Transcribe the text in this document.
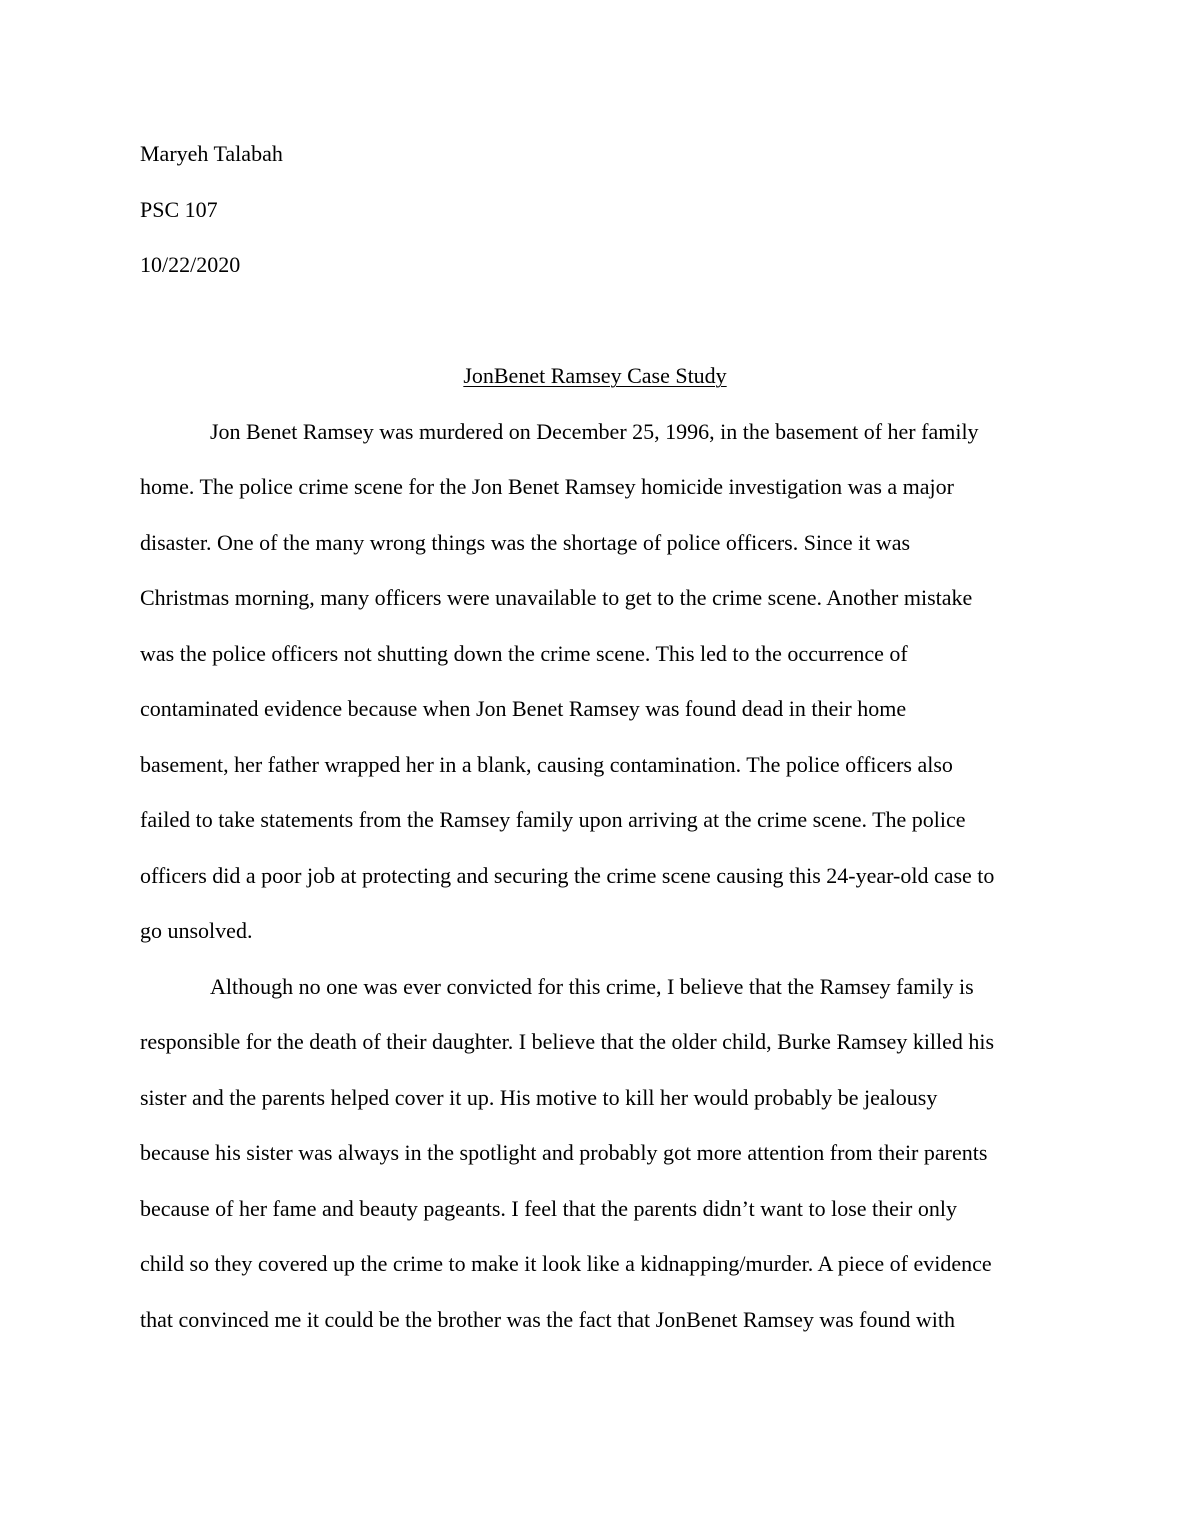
Maryeh Talabah
PSC 107
10/22/2020
JonBenet Ramsey Case Study
Jon Benet Ramsey was murdered on December 25, 1996, in the basement of her family
home. The police crime scene for the Jon Benet Ramsey homicide investigation was a major
disaster. One of the many wrong things was the shortage of police officers. Since it was
Christmas morning, many officers were unavailable to get to the crime scene. Another mistake
was the police officers not shutting down the crime scene. This led to the occurrence of
contaminated evidence because when Jon Benet Ramsey was found dead in their home
basement, her father wrapped her in a blank, causing contamination. The police officers also
failed to take statements from the Ramsey family upon arriving at the crime scene. The police
officers did a poor job at protecting and securing the crime scene causing this 24-year-old case to
go unsolved.
Although no one was ever convicted for this crime, I believe that the Ramsey family is
responsible for the death of their daughter. I believe that the older child, Burke Ramsey killed his
sister and the parents helped cover it up. His motive to kill her would probably be jealousy
because his sister was always in the spotlight and probably got more attention from their parents
because of her fame and beauty pageants. I feel that the parents didn’t want to lose their only
child so they covered up the crime to make it look like a kidnapping/murder. A piece of evidence
that convinced me it could be the brother was the fact that JonBenet Ramsey was found with
